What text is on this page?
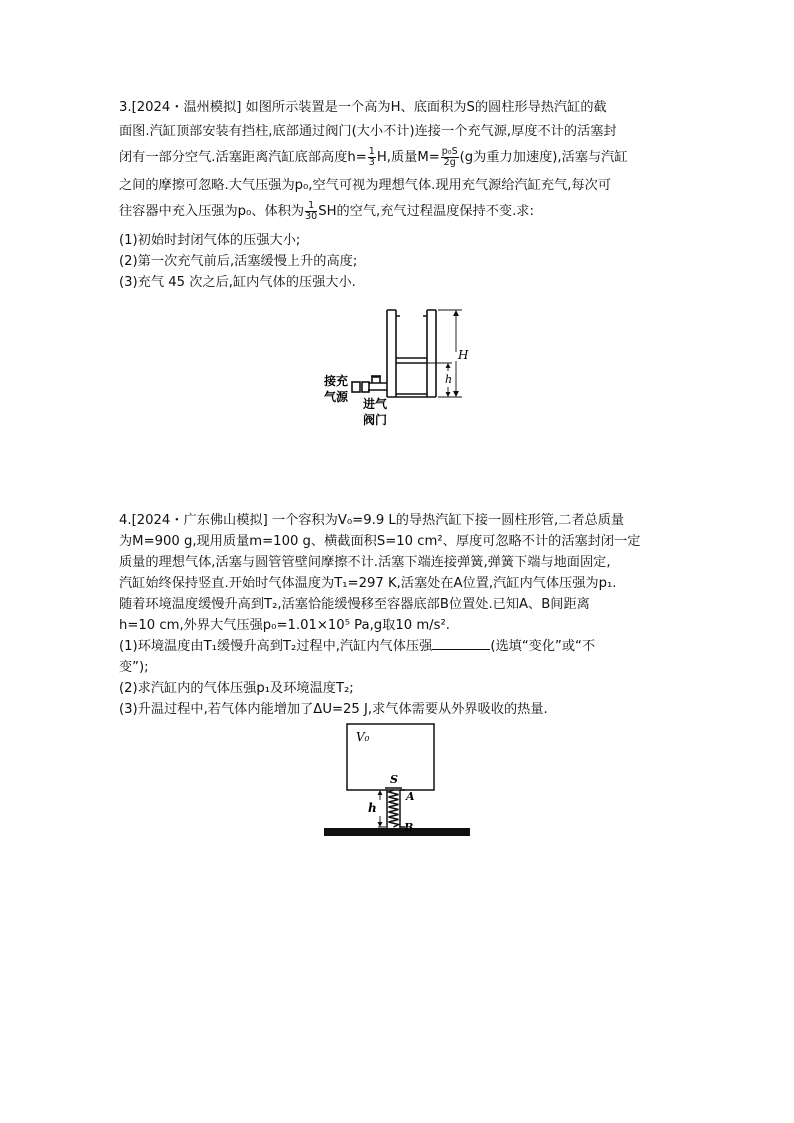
3.[2024・温州模拟] 如图所示装置是一个高为H、底面积为S的圆柱形导热汽缸的截
面图.汽缸顶部安装有挡柱,底部通过阀门(大小不计)连接一个充气源,厚度不计的活塞封
闭有一部分空气.活塞距离汽缸底部高度$h= \frac{1}{3} H$,质量$M= \frac{\text{p₀S}}{2g} (g$为重力加速度),活塞与汽缸
之间的摩擦可忽略.大气压强为p₀,空气可视为理想气体.现用充气源给汽缸充气,每次可
往容器中充入压强为p₀、体积为 $\frac{1}{30}$ SH的空气,充气过程温度保持不变.求:
(1)初始时封闭气体的压强大小;
(2)第一次充气前后,活塞缓慢上升的高度;
(3)充气 45 次之后,缸内气体的压强大小.
H
h
接充
气源 进气
阀门
4.[2024・广东佛山模拟] 一个容积为V₀=9.9 L的导热汽缸下接一圆柱形管,二者总质量
为M=900 g,现用质量m=100 g、横截面积S=10 cm²、厚度可忽略不计的活塞封闭一定
质量的理想气体,活塞与圆管管壁间摩擦不计.活塞下端连接弹簧,弹簧下端与地面固定,
汽缸始终保持竖直.开始时气体温度为T₁=297 K,活塞处在A位置,汽缸内气体压强为p₁.
随着环境温度缓慢升高到T₂,活塞恰能缓慢移至容器底部B位置处.已知A、B间距离
h=10 cm,外界大气压强p₀=1.01×10⁵ Pa,g取10 m/s².
(1)环境温度由T₁缓慢升高到T₂过程中,汽缸内气体压强	(选填“变化”或“不
变”);
(2)求汽缸内的气体压强p₁及环境温度T₂;
(3)升温过程中,若气体内能增加了ΔU=25 J,求气体需要从外界吸收的热量.
V₀
S
h
A
B
